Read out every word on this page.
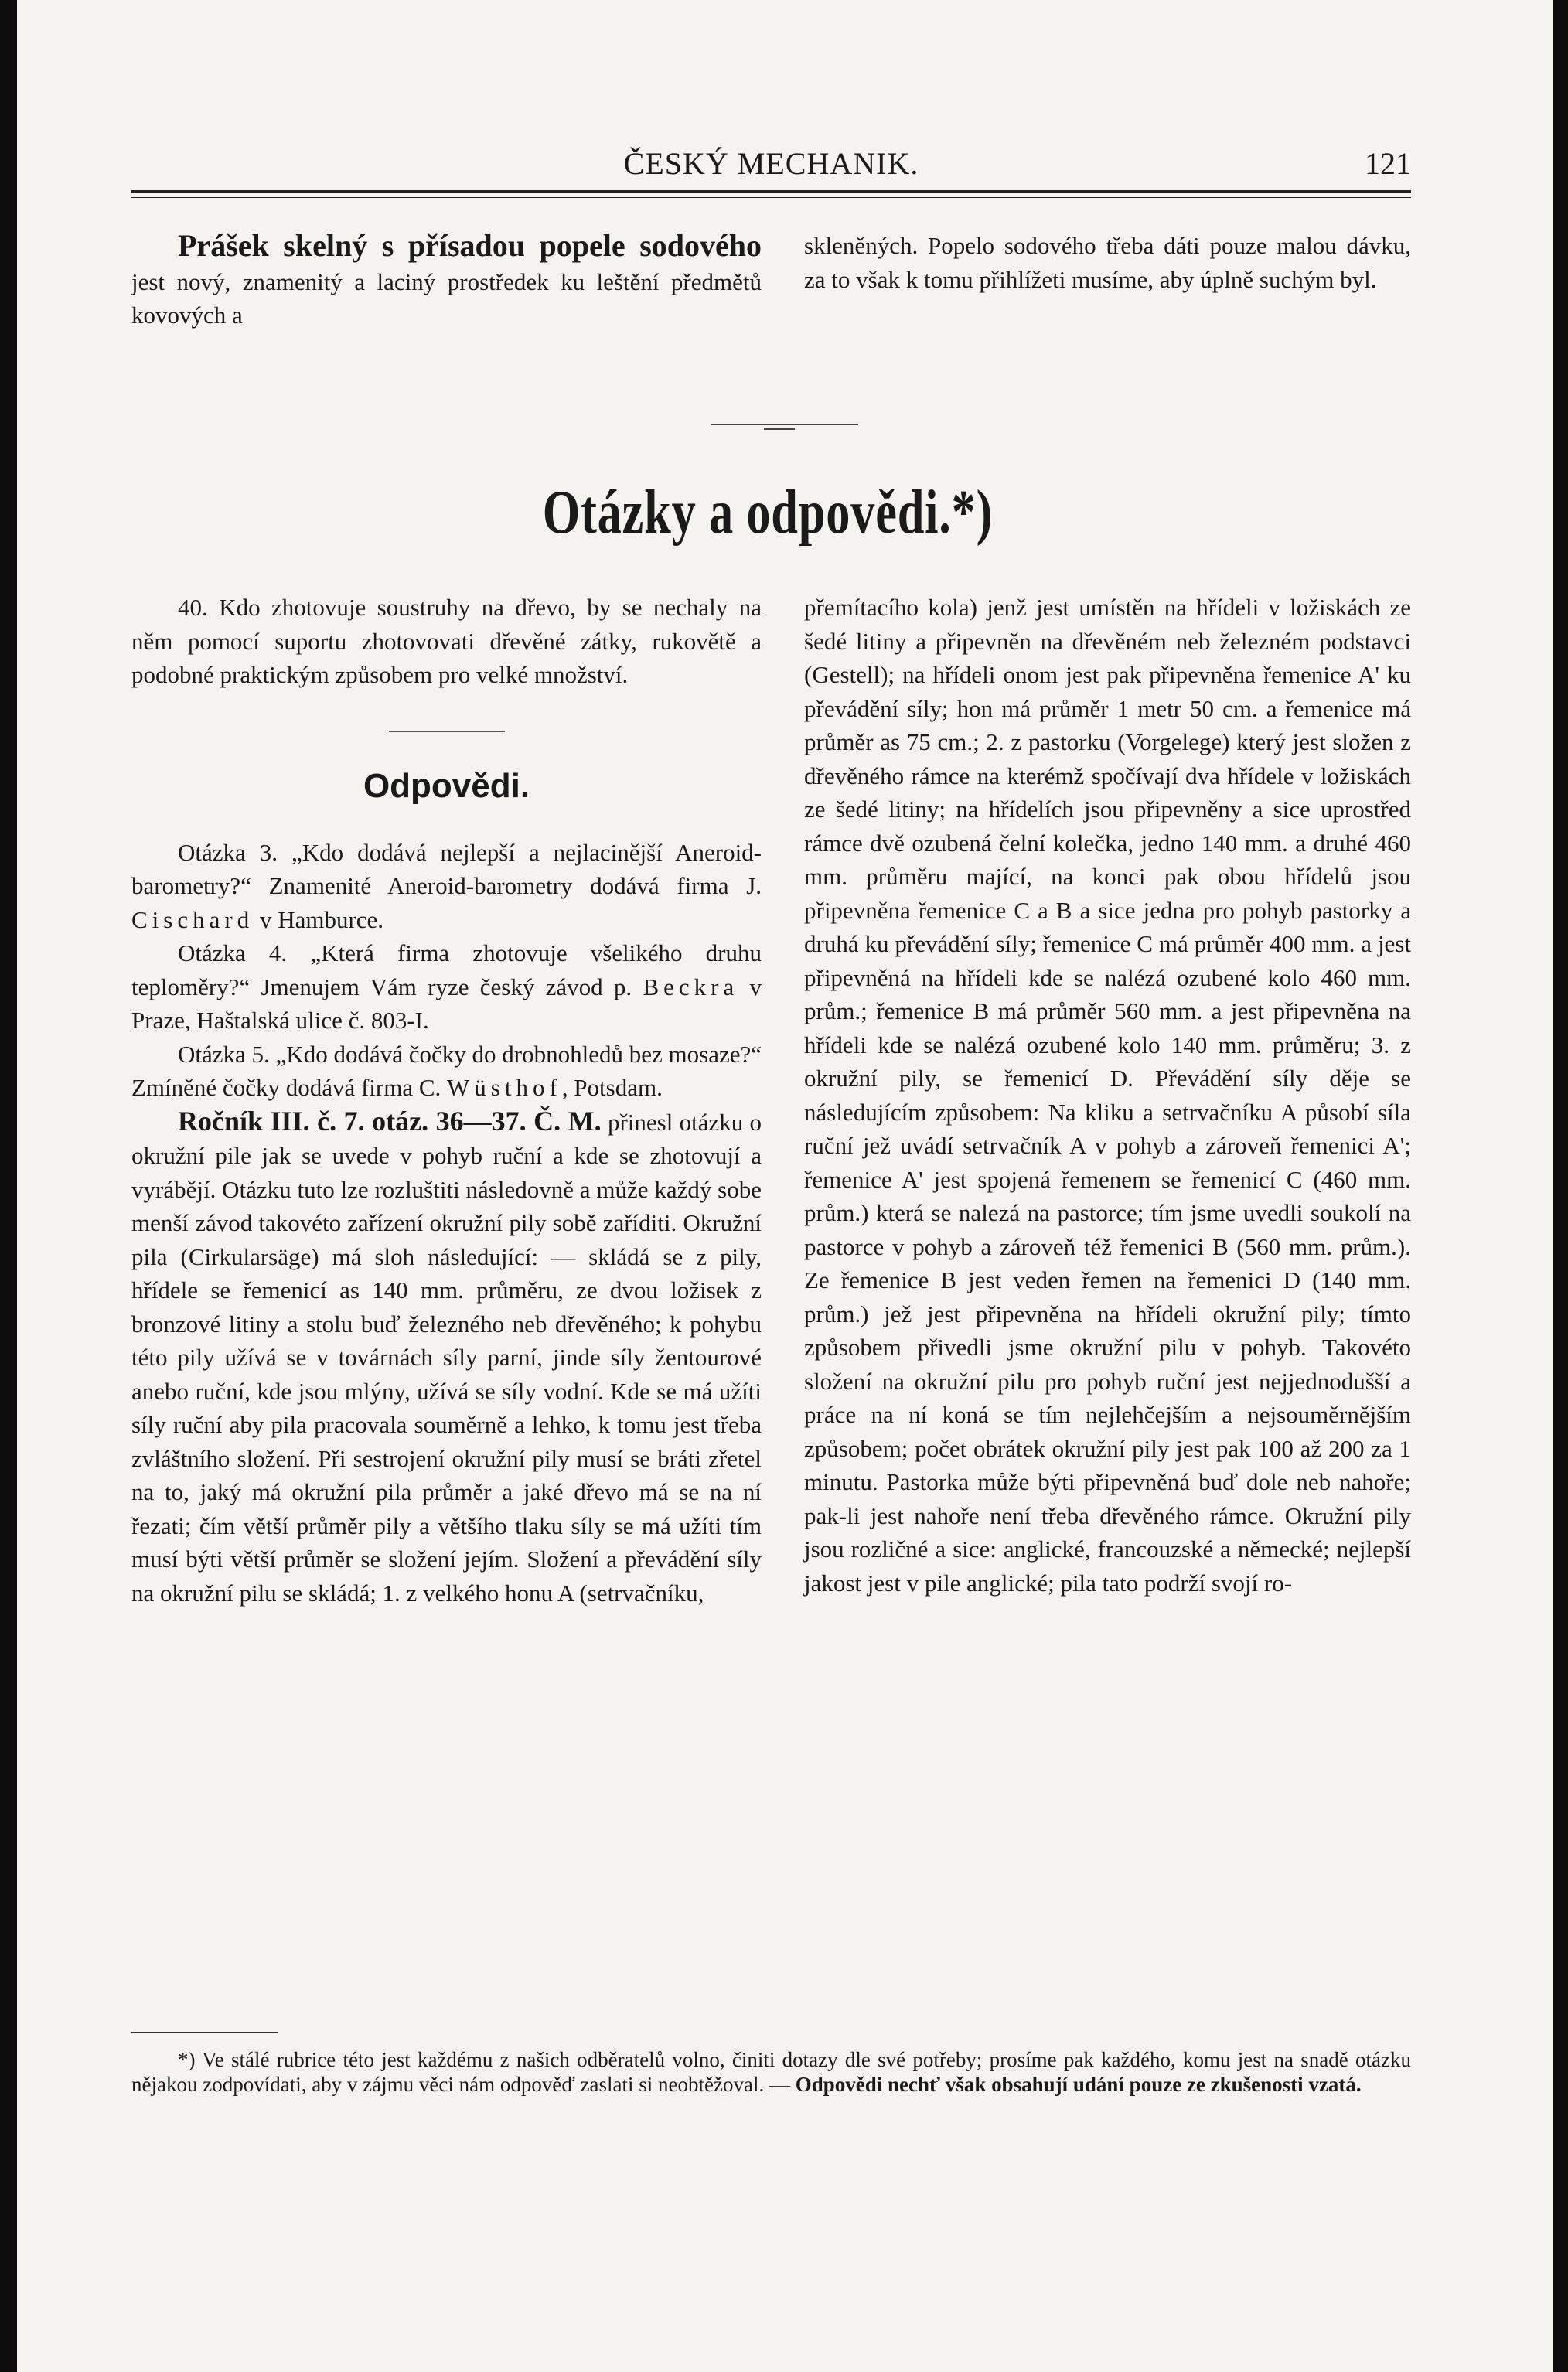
ČESKÝ MECHANIK.	121

Prášek skelný s přísadou popele sodového jest nový, znamenitý a laciný prostředek ku leštění předmětů kovových a

skleněných. Popelo sodového třeba dáti pouze malou dávku, za to však k tomu přihlížeti musíme, aby úplně suchým byl.

Otázky a odpovědi.*)

40. Kdo zhotovuje soustruhy na dřevo, by se nechaly na něm pomocí suportu zhotovovati dřevěné zátky, rukovětě a podobné praktickým způsobem pro velké množství.

Odpovědi.

Otázka 3. „Kdo dodává nejlepší a nejlacinější Aneroid-barometry?“ Znamenité Aneroid-barometry dodává firma J. Cischard v Hamburce.

Otázka 4. „Která firma zhotovuje všelikého druhu teploměry?“ Jmenujem Vám ryze český závod p. Beckra v Praze, Haštalská ulice č. 803-I.

Otázka 5. „Kdo dodává čočky do drobnohledů bez mosaze?“ Zmíněné čočky dodává firma C. Wüsthof, Potsdam.

Ročník III. č. 7. otáz. 36—37. Č. M. přinesl otázku o okružní pile jak se uvede v pohyb ruční a kde se zhotovují a vyrábějí. Otázku tuto lze rozluštiti následovně a může každý sobe menší závod takovéto zařízení okružní pily sobě zaříditi. Okružní pila (Cirkularsäge) má sloh následující: — skládá se z pily, hřídele se řemenicí as 140 mm. průměru, ze dvou ložisek z bronzové litiny a stolu buď železného neb dřevěného; k pohybu této pily užívá se v továrnách síly parní, jinde síly žentourové anebo ruční, kde jsou mlýny, užívá se síly vodní. Kde se má užíti síly ruční aby pila pracovala souměrně a lehko, k tomu jest třeba zvláštního složení. Při sestrojení okružní pily musí se bráti zřetel na to, jaký má okružní pila průměr a jaké dřevo má se na ní řezati; čím větší průměr pily a většího tlaku síly se má užíti tím musí býti větší průměr se složení jejím. Složení a převádění síly na okružní pilu se skládá; 1. z velkého honu A (setrvačníku,

přemítacího kola) jenž jest umístěn na hřídeli v ložiskách ze šedé litiny a připevněn na dřevěném neb železném podstavci (Gestell); na hřídeli onom jest pak připevněna řemenice A' ku převádění síly; hon má průměr 1 metr 50 cm. a řemenice má průměr as 75 cm.; 2. z pastorku (Vorgelege) který jest složen z dřevěného rámce na kterémž spočívají dva hřídele v ložiskách ze šedé litiny; na hřídelích jsou připevněny a sice uprostřed rámce dvě ozubená čelní kolečka, jedno 140 mm. a druhé 460 mm. průměru mající, na konci pak obou hřídelů jsou připevněna řemenice C a B a sice jedna pro pohyb pastorky a druhá ku převádění síly; řemenice C má průměr 400 mm. a jest připevněná na hřídeli kde se nalézá ozubené kolo 460 mm. prům.; řemenice B má průměr 560 mm. a jest připevněna na hřídeli kde se nalézá ozubené kolo 140 mm. průměru; 3. z okružní pily, se řemenicí D. Převádění síly děje se následujícím způsobem: Na kliku a setrvačníku A působí síla ruční jež uvádí setrvačník A v pohyb a zároveň řemenici A'; řemenice A' jest spojená řemenem se řemenicí C (460 mm. prům.) která se nalezá na pastorce; tím jsme uvedli soukolí na pastorce v pohyb a zároveň též řemenici B (560 mm. prům.). Ze řemenice B jest veden řemen na řemenici D (140 mm. prům.) jež jest připevněna na hřídeli okružní pily; tímto způsobem přivedli jsme okružní pilu v pohyb. Takovéto složení na okružní pilu pro pohyb ruční jest nejjednodušší a práce na ní koná se tím nejlehčejším a nejsouměrnějším způsobem; počet obrátek okružní pily jest pak 100 až 200 za 1 minutu. Pastorka může býti připevněná buď dole neb nahoře; pak-li jest nahoře není třeba dřevěného rámce. Okružní pily jsou rozličné a sice: anglické, francouzské a německé; nejlepší jakost jest v pile anglické; pila tato podrží svojí ro-

*) Ve stálé rubrice této jest každému z našich odběratelů volno, činiti dotazy dle své potřeby; prosíme pak každého, komu jest na snadě otázku nějakou zodpovídati, aby v zájmu věci nám odpověď zaslati si neobtěžoval. — Odpovědi nechť však obsahují udání pouze ze zkušenosti vzatá.
